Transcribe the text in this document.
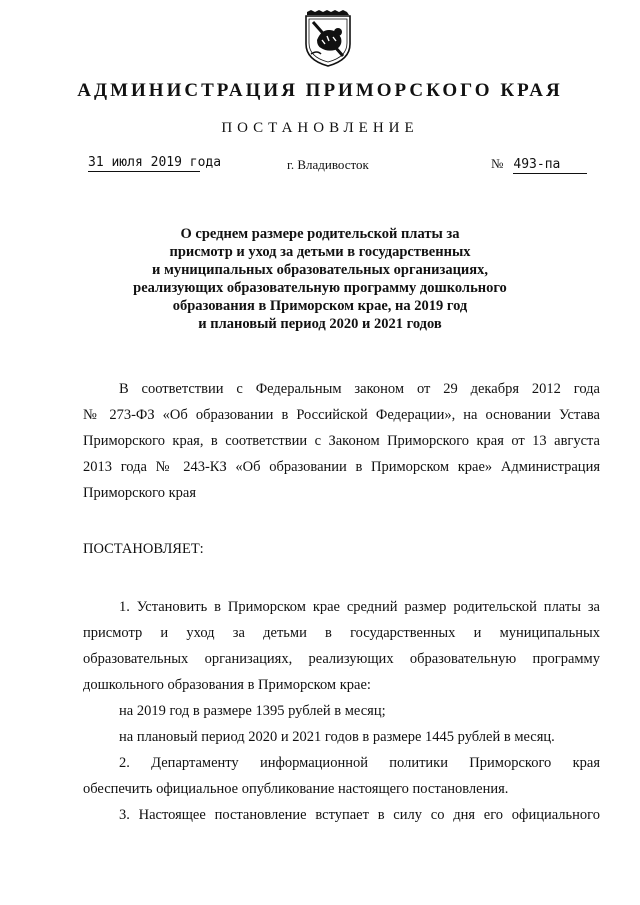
АДМИНИСТРАЦИЯ ПРИМОРСКОГО КРАЯ
ПОСТАНОВЛЕНИЕ
31 июля 2019 года	г. Владивосток	№ 493-па
О среднем размере родительской платы за
присмотр и уход за детьми в государственных
и муниципальных образовательных организациях,
реализующих образовательную программу дошкольного
образования в Приморском крае, на 2019 год
и плановый период 2020 и 2021 годов
В соответствии с Федеральным законом от 29 декабря 2012 года
№ 273-ФЗ «Об образовании в Российской Федерации», на основании Устава
Приморского края, в соответствии с Законом Приморского края от 13 августа
2013 года № 243-КЗ «Об образовании в Приморском крае» Администрация
Приморского края
ПОСТАНОВЛЯЕТ:
1. Установить в Приморском крае средний размер родительской платы за
присмотр и уход за детьми в государственных и муниципальных
образовательных организациях, реализующих образовательную программу
дошкольного образования в Приморском крае:
на 2019 год в размере 1395 рублей в месяц;
на плановый период 2020 и 2021 годов в размере 1445 рублей в месяц.
2. Департаменту информационной политики Приморского края
обеспечить официальное опубликование настоящего постановления.
3. Настоящее постановление вступает в силу со дня его официального
